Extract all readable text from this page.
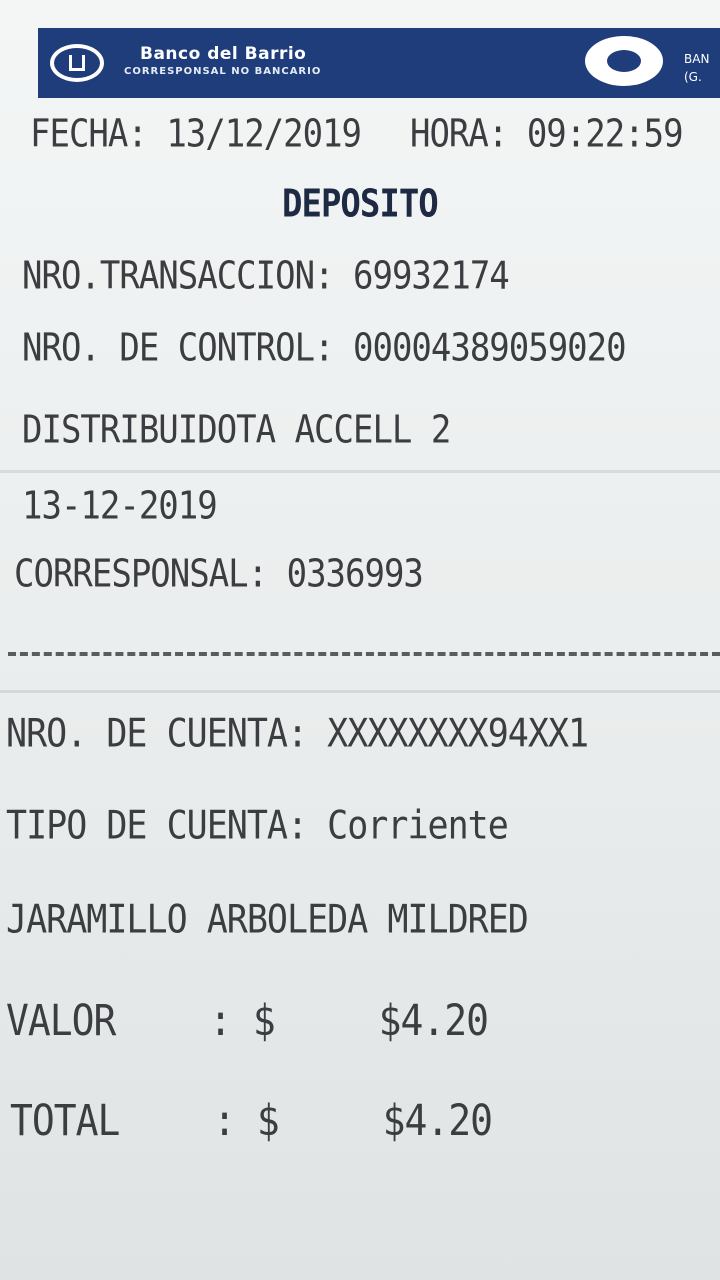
Banco del Barrio
CORRESPONSAL NO BANCARIO
BAN
(G.
FECHA: 13/12/2019 HORA: 09:22:59
DEPOSITO
NRO.TRANSACCION: 69932174
NRO. DE CONTROL: 00004389059020
DISTRIBUIDOTA ACCELL 2
13-12-2019
CORRESPONSAL: 0336993
NRO. DE CUENTA: XXXXXXXX94XX1
TIPO DE CUENTA: Corriente
JARAMILLO ARBOLEDA MILDRED
VALOR : $	$4.20
TOTAL : $	$4.20
